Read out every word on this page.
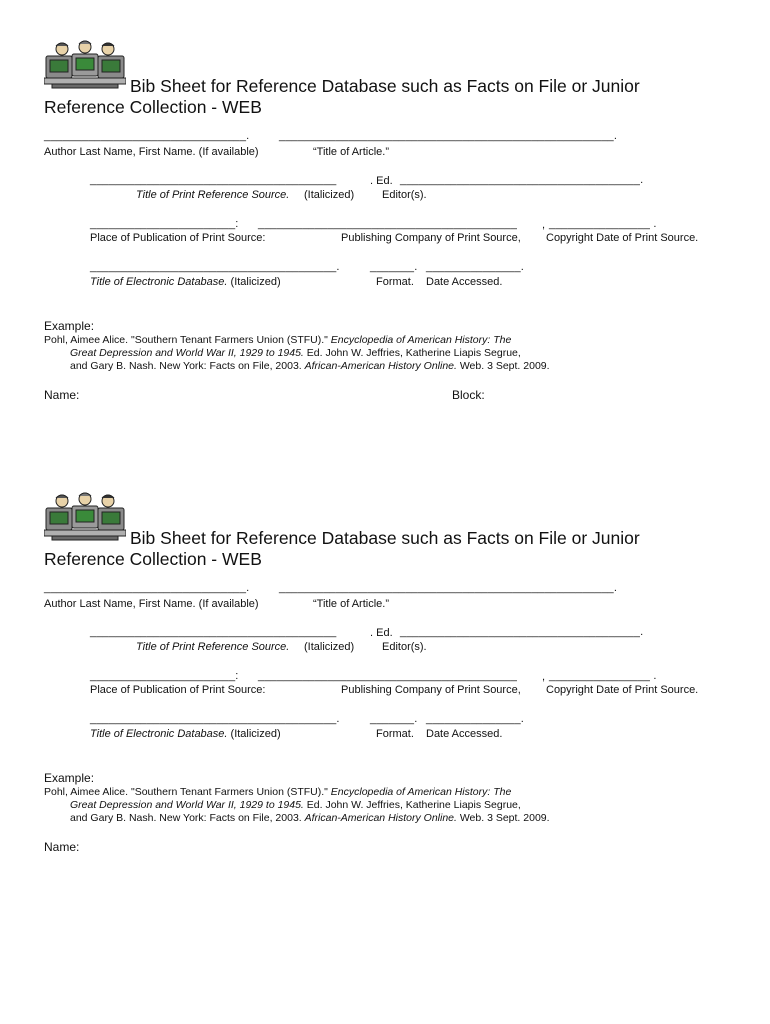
Bib Sheet for Reference Database such as Facts on File or Junior
Reference Collection - WEB
________________________________.	_____________________________________________________.
Author Last Name, First Name. (If available)	“Title of Article.”
_______________________________________	. Ed. ______________________________________.
Title of Print Reference Source. (Italicized)	Editor(s).
_______________________: _________________________________________ , ________________ .
Place of Publication of Print Source:	Publishing Company of Print Source, Copyright Date of Print Source.
_______________________________________.	_______. _______________.
Title of Electronic Database. (Italicized)	Format. Date Accessed.
Example:
Pohl, Aimee Alice. "Southern Tenant Farmers Union (STFU)." Encyclopedia of American History: The
Great Depression and World War II, 1929 to 1945. Ed. John W. Jeffries, Katherine Liapis Segrue,
and Gary B. Nash. New York: Facts on File, 2003. African-American History Online. Web. 3 Sept. 2009.
Name:	Block:
Bib Sheet for Reference Database such as Facts on File or Junior
Reference Collection - WEB
________________________________.	_____________________________________________________.
Author Last Name, First Name. (If available)	“Title of Article.”
_______________________________________	. Ed. ______________________________________.
Title of Print Reference Source. (Italicized)	Editor(s).
_______________________: _________________________________________ , ________________ .
Place of Publication of Print Source:	Publishing Company of Print Source, Copyright Date of Print Source.
_______________________________________.	_______. _______________.
Title of Electronic Database. (Italicized)	Format. Date Accessed.
Example:
Pohl, Aimee Alice. "Southern Tenant Farmers Union (STFU)." Encyclopedia of American History: The
Great Depression and World War II, 1929 to 1945. Ed. John W. Jeffries, Katherine Liapis Segrue,
and Gary B. Nash. New York: Facts on File, 2003. African-American History Online. Web. 3 Sept. 2009.
Name:
